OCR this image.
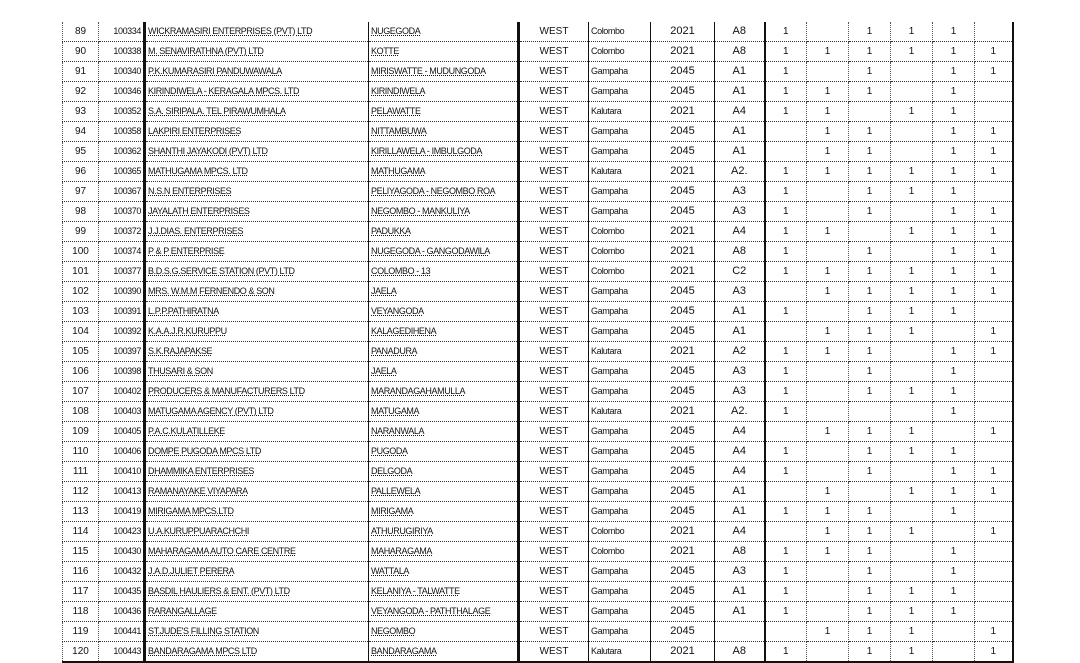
89	100334	WICKRAMASIRI ENTERPRISES (PVT) LTD	NUGEGODA	WEST	Colombo	2021	A8	1		1	1	1	
90	100338	M. SENAVIRATHNA (PVT) LTD	KOTTE	WEST	Colombo	2021	A8	1	1	1	1	1	1
91	100340	P.K.KUMARASIRI PANDUWAWALA	MIRISWATTE - MUDUNGODA	WEST	Gampaha	2045	A1	1		1		1	1
92	100346	KIRINDIWELA - KERAGALA MPCS. LTD	KIRINDIWELA	WEST	Gampaha	2045	A1	1	1	1		1	
93	100352	S.A. SIRIPALA. TEL PIRAWUMHALA	PELAWATTE	WEST	Kalutara	2021	A4	1	1		1	1	
94	100358	LAKPIRI ENTERPRISES	NITTAMBUWA	WEST	Gampaha	2045	A1		1	1		1	1
95	100362	SHANTHI JAYAKODI (PVT) LTD	KIRILLAWELA - IMBULGODA	WEST	Gampaha	2045	A1		1	1		1	1
96	100365	MATHUGAMA MPCS. LTD	MATHUGAMA	WEST	Kalutara	2021	A2.	1	1	1	1	1	1
97	100367	N.S.N ENTERPRISES	PELIYAGODA - NEGOMBO ROA	WEST	Gampaha	2045	A3	1		1	1	1	
98	100370	JAYALATH ENTERPRISES	NEGOMBO - MANKULIYA	WEST	Gampaha	2045	A3	1		1		1	1
99	100372	J.J.DIAS. ENTERPRISES	PADUKKA	WEST	Colombo	2021	A4	1	1		1	1	1
100	100374	P & P ENTERPRISE	NUGEGODA - GANGODAWILA	WEST	Colombo	2021	A8	1		1		1	1
101	100377	B.D.S.G.SERVICE STATION (PVT) LTD	COLOMBO - 13	WEST	Colombo	2021	C2	1	1	1	1	1	1
102	100390	MRS. W.M.M FERNENDO & SON	JAELA	WEST	Gampaha	2045	A3		1	1	1	1	1
103	100391	L.P.P.PATHIRATNA	VEYANGODA	WEST	Gampaha	2045	A1	1		1	1	1	
104	100392	K.A.A.J.R.KURUPPU	KALAGEDIHENA	WEST	Gampaha	2045	A1		1	1	1		1
105	100397	S.K.RAJAPAKSE	PANADURA	WEST	Kalutara	2021	A2	1	1	1		1	1
106	100398	THUSARI & SON	JAELA	WEST	Gampaha	2045	A3	1		1		1	
107	100402	PRODUCERS & MANUFACTURERS LTD	MARANDAGAHAMULLA	WEST	Gampaha	2045	A3	1		1	1	1	
108	100403	MATUGAMA AGENCY (PVT) LTD	MATUGAMA	WEST	Kalutara	2021	A2.	1				1	
109	100405	P.A.C.KULATILLEKE	NARANWALA	WEST	Gampaha	2045	A4		1	1	1		1
110	100406	DOMPE PUGODA MPCS LTD	PUGODA	WEST	Gampaha	2045	A4	1		1	1	1	
111	100410	DHAMMIKA ENTERPRISES	DELGODA	WEST	Gampaha	2045	A4	1		1		1	1
112	100413	RAMANAYAKE VIYAPARA	PALLEWELA	WEST	Gampaha	2045	A1		1		1	1	1
113	100419	MIRIGAMA MPCS.LTD	MIRIGAMA	WEST	Gampaha	2045	A1	1	1	1		1	
114	100423	U.A.KURUPPUARACHCHI	ATHURUGIRIYA	WEST	Colombo	2021	A4		1	1	1		1
115	100430	MAHARAGAMA AUTO CARE CENTRE	MAHARAGAMA	WEST	Colombo	2021	A8	1	1	1		1	
116	100432	J.A.D.JULIET PERERA	WATTALA	WEST	Gampaha	2045	A3	1		1		1	
117	100435	BASDIL HAULIERS & ENT. (PVT) LTD	KELANIYA - TALWATTE	WEST	Gampaha	2045	A1	1		1	1	1	
118	100436	RARANGALLAGE	VEYANGODA - PATHTHALAGE	WEST	Gampaha	2045	A1	1		1	1	1	
119	100441	ST.JUDE'S FILLING STATION	NEGOMBO	WEST	Gampaha	2045			1	1	1		1
120	100443	BANDARAGAMA MPCS LTD	BANDARAGAMA	WEST	Kalutara	2021	A8	1		1	1		1
